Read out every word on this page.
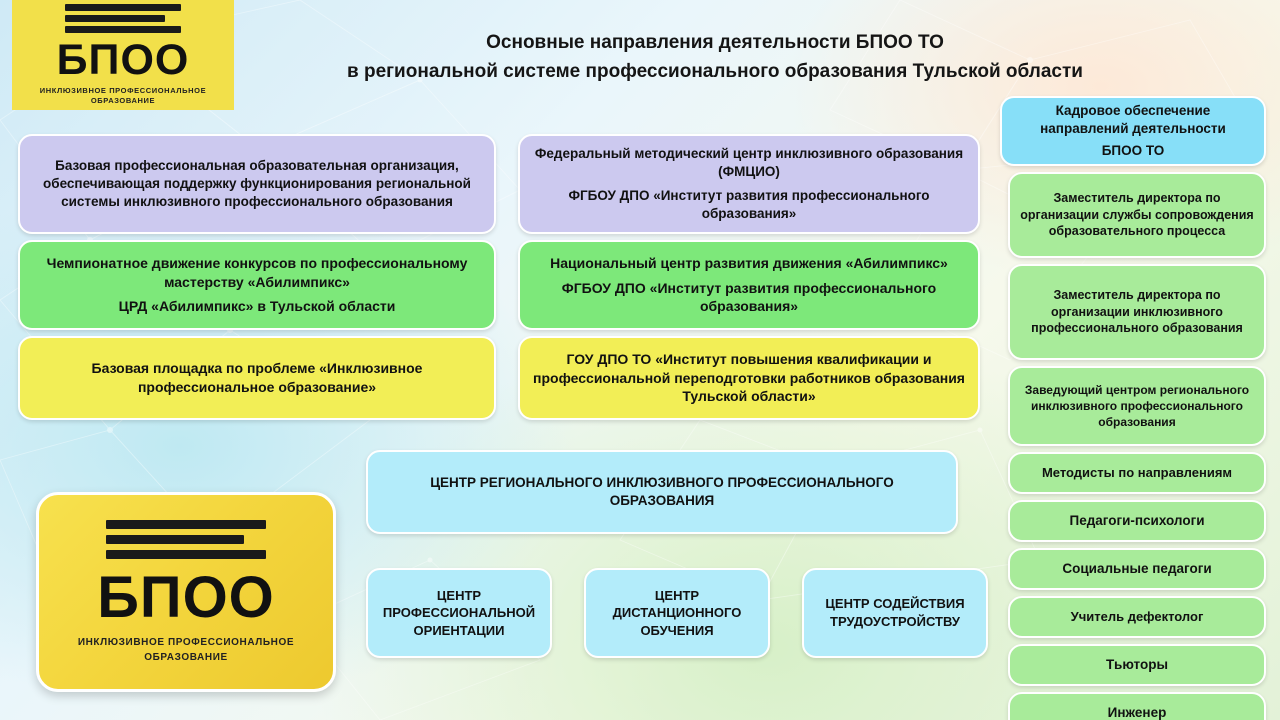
БПОО
ИНКЛЮЗИВНОЕ ПРОФЕССИОНАЛЬНОЕ ОБРАЗОВАНИЕ
Основные направления деятельности БПОО ТО
в региональной системе профессионального образования Тульской области
Базовая профессиональная образовательная организация, обеспечивающая поддержку функционирования региональной системы инклюзивного профессионального образования

Чемпионатное движение конкурсов по профессиональному мастерству «Абилимпикс»

ЦРД «Абилимпикс» в Тульской области

Базовая площадка по проблеме «Инклюзивное профессиональное образование»

Федеральный методический центр инклюзивного образования (ФМЦИО)

ФГБОУ ДПО «Институт развития профессионального образования»

Национальный центр развития движения «Абилимпикс»

ФГБОУ ДПО «Институт развития профессионального образования»

ГОУ ДПО ТО «Институт повышения квалификации и профессиональной переподготовки работников образования Тульской области»
ЦЕНТР РЕГИОНАЛЬНОГО ИНКЛЮЗИВНОГО ПРОФЕССИОНАЛЬНОГО ОБРАЗОВАНИЯ
ЦЕНТР ПРОФЕССИОНАЛЬНОЙ ОРИЕНТАЦИИ
ЦЕНТР ДИСТАНЦИОННОГО ОБУЧЕНИЯ
ЦЕНТР СОДЕЙСТВИЯ ТРУДОУСТРОЙСТВУ
Кадровое обеспечение направлений деятельности
БПОО ТО
Заместитель директора по организации службы сопровождения образовательного процесса
Заместитель директора по организации инклюзивного профессионального образования
Заведующий центром регионального инклюзивного профессионального образования
Методисты по направлениям
Педагоги-психологи
Социальные педагоги
Учитель дефектолог
Тьюторы
Инженер
БПОО
ИНКЛЮЗИВНОЕ ПРОФЕССИОНАЛЬНОЕ ОБРАЗОВАНИЕ
